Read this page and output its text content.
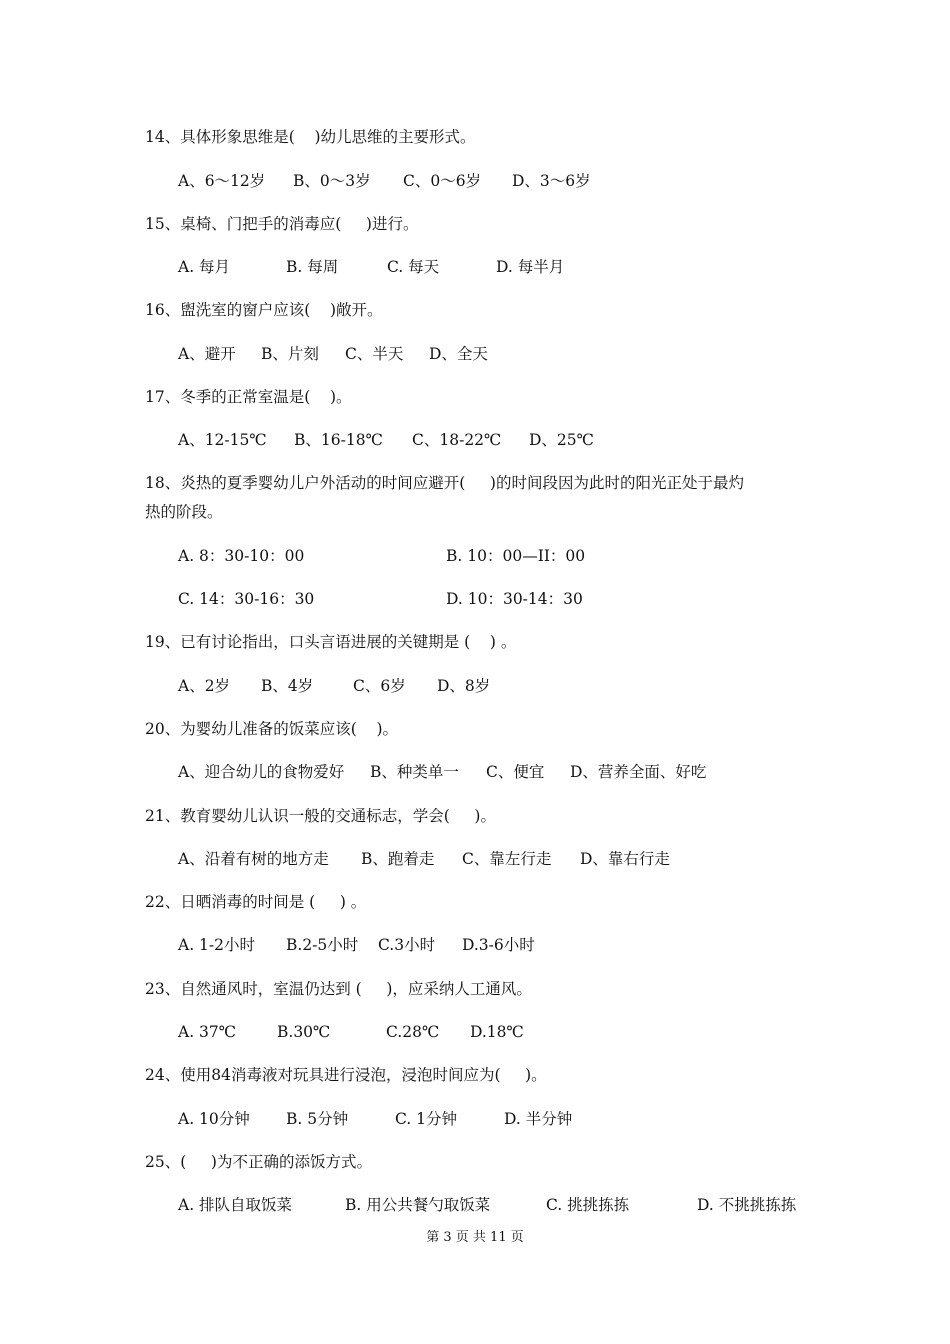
14、具体形象思维是(    )幼儿思维的主要形式。
A、6～12岁 B、0～3岁 C、0～6岁 D、3～6岁
15、桌椅、门把手的消毒应(     )进行。
A. 每月	B. 每周	C. 每天	D. 每半月
16、盥洗室的窗户应该(    )敞开。
A、避开 B、片刻 C、半天 D、全天
17、冬季的正常室温是(    )。
A、12-15℃ B、16-18℃ C、18-22℃ D、25℃
18、炎热的夏季婴幼儿户外活动的时间应避开(     )的时间段因为此时的阳光正处于最灼
热的阶段。
A. 8：30-10：00	B. 10：00—II：00
C. 14：30-16：30	D. 10：30-14：30
19、已有讨论指出，口头言语进展的关键期是 (    ) 。
A、2岁 B、4岁	C、6岁 D、8岁
20、为婴幼儿准备的饭菜应该(    )。
A、迎合幼儿的食物爱好 B、种类单一 C、便宜 D、营养全面、好吃
21、教育婴幼儿认识一般的交通标志，学会(     )。
A、沿着有树的地方走 B、跑着走 C、靠左行走 D、靠右行走
22、日晒消毒的时间是 (     ) 。
A. 1-2小时 B.2-5小时 C.3小时 D.3-6小时
23、自然通风时，室温仍达到 (     )，应采纳人工通风。
A. 37℃	B.30℃	C.28℃ D.18℃
24、使用84消毒液对玩具进行浸泡，浸泡时间应为(     )。
A. 10分钟 B. 5分钟	C. 1分钟	D. 半分钟
25、(     )为不正确的添饭方式。
A. 排队自取饭菜	B. 用公共餐勺取饭菜	C. 挑挑拣拣	D. 不挑挑拣拣
第 3 页 共 11 页
